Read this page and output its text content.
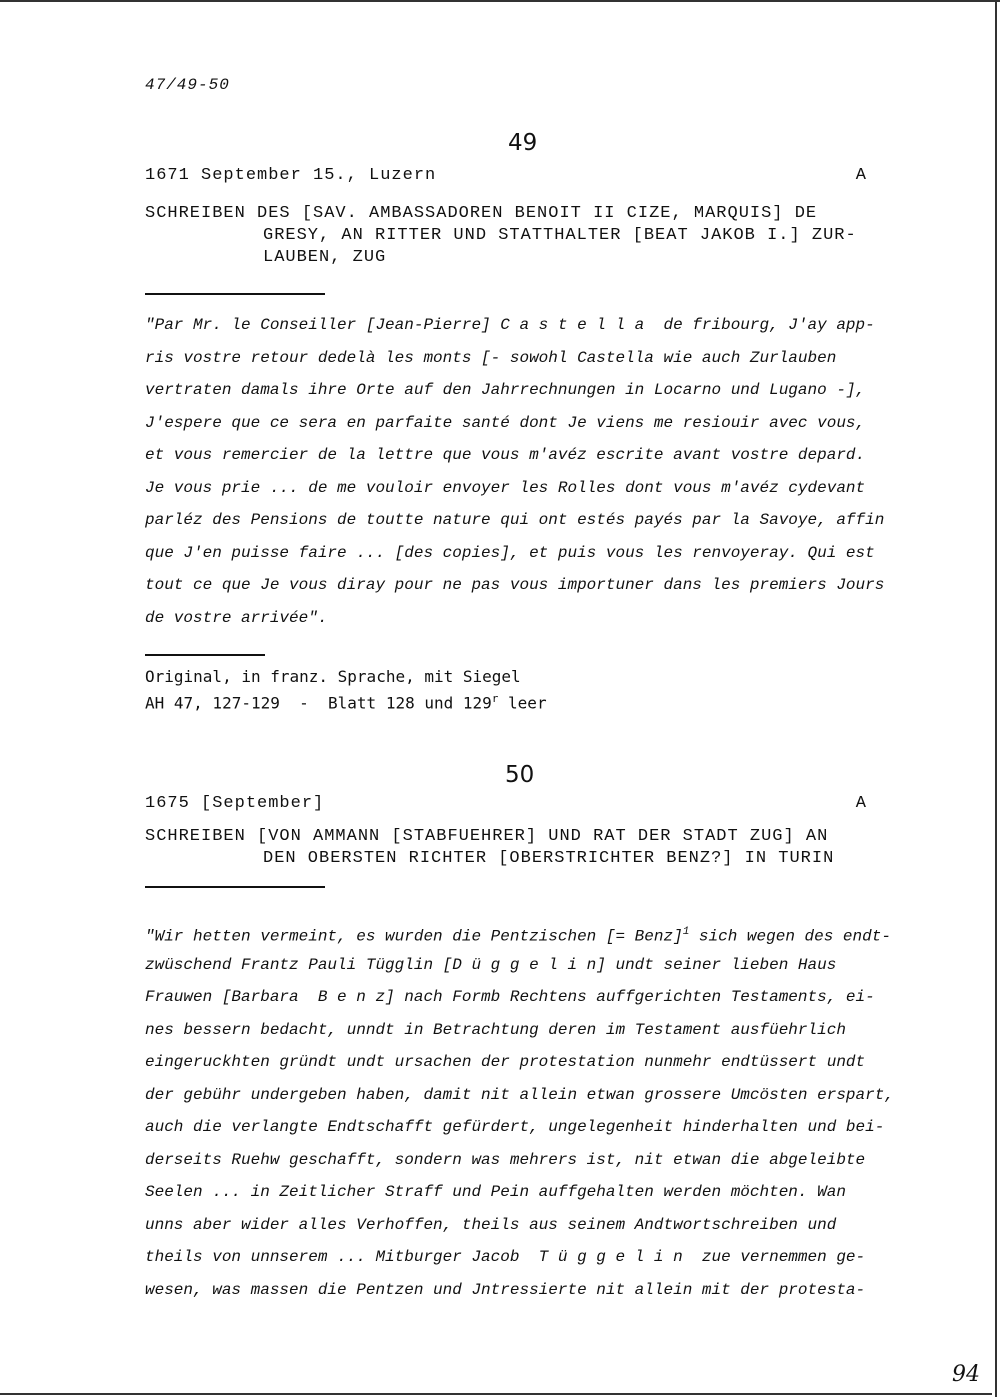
47/49-50
49
1671 September 15., Luzern	A
SCHREIBEN DES [SAV. AMBASSADOREN BENOIT II CIZE, MARQUIS] DE
GRESY, AN RITTER UND STATTHALTER [BEAT JAKOB I.] ZUR-
LAUBEN, ZUG
"Par Mr. le Conseiller [Jean-Pierre] C a s t e l l a  de fribourg, J'ay app-
ris vostre retour dedelà les monts [- sowohl Castella wie auch Zurlauben
vertraten damals ihre Orte auf den Jahrrechnungen in Locarno und Lugano -],
J'espere que ce sera en parfaite santé dont Je viens me resiouir avec vous,
et vous remercier de la lettre que vous m'avéz escrite avant vostre depard.
Je vous prie ... de me vouloir envoyer les Rolles dont vous m'avéz cydevant
parléz des Pensions de toutte nature qui ont estés payés par la Savoye, affin
que J'en puisse faire ... [des copies], et puis vous les renvoyeray. Qui est
tout ce que Je vous diray pour ne pas vous importuner dans les premiers Jours
de vostre arrivée".
Original, in franz. Sprache, mit Siegel
AH 47, 127-129  -  Blatt 128 und 129$^r$ leer
50
1675 [September]	A
SCHREIBEN [VON AMMANN [STABFUEHRER] UND RAT DER STADT ZUG] AN
DEN OBERSTEN RICHTER [OBERSTRICHTER BENZ?] IN TURIN
"Wir hetten vermeint, es wurden die Pentzischen [= Benz]$^1$ sich wegen des endt-
zwüschend Frantz Pauli Tügglin [D ü g g e l i n] undt seiner lieben Haus
Frauwen [Barbara  B e n z] nach Formb Rechtens auffgerichten Testaments, ei-
nes bessern bedacht, unndt in Betrachtung deren im Testament ausfüehrlich
eingeruckhten gründt undt ursachen der protestation nunmehr endtüssert undt
der gebühr undergeben haben, damit nit allein etwan grossere Umcösten erspart,
auch die verlangte Endtschafft gefürdert, ungelegenheit hinderhalten und bei-
derseits Ruehw geschafft, sondern was mehrers ist, nit etwan die abgeleibte
Seelen ... in Zeitlicher Straff und Pein auffgehalten werden möchten. Wan
unns aber wider alles Verhoffen, theils aus seinem Andtwortschreiben und
theils von unnserem ... Mitburger Jacob  T ü g g e l i n  zue vernemmen ge-
wesen, was massen die Pentzen und Jntressierte nit allein mit der protesta-
94
